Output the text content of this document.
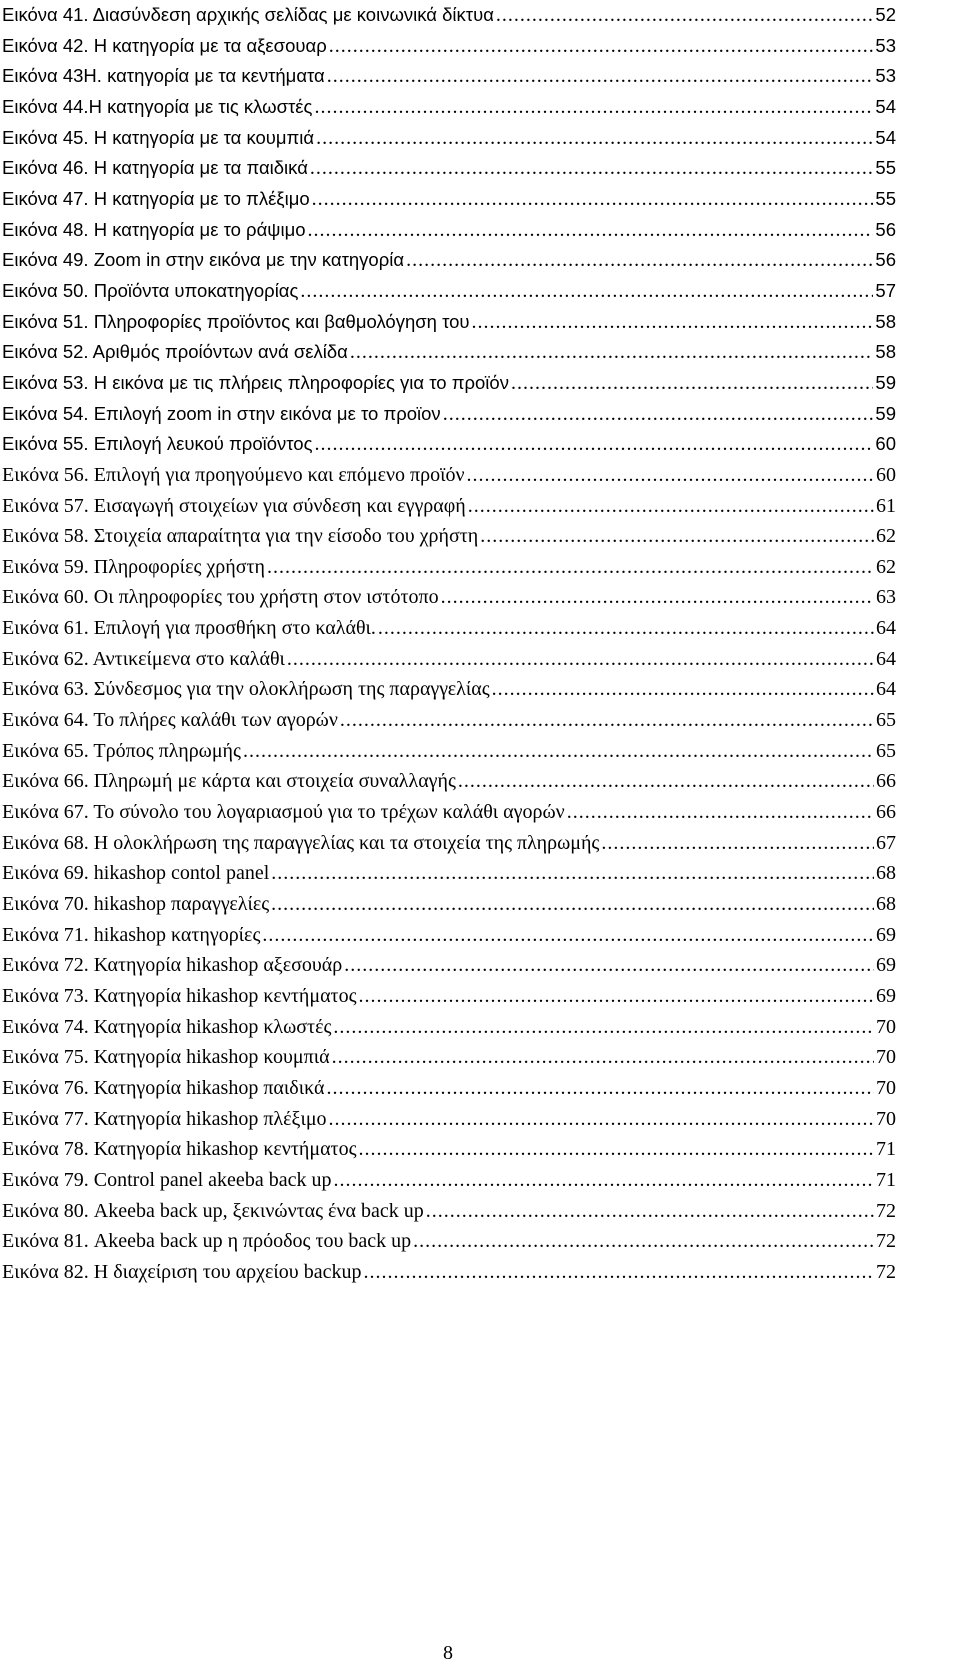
Εικόνα 41. Διασύνδεση αρχικής σελίδας με κοινωνικά δίκτυα .....	52
Εικόνα 42. Η κατηγορία με τα αξεσουαρ .....	53
Εικόνα 43Η. κατηγορία με τα κεντήματα .....	53
Εικόνα 44.Η κατηγορία με τις κλωστές .....	54
Εικόνα 45. Η κατηγορία με τα κουμπιά .....	54
Εικόνα 46. Η κατηγορία με τα παιδικά .....	55
Εικόνα 47. Η κατηγορία με το πλέξιμο .....	55
Εικόνα 48. Η κατηγορία με το ράψιμο .....	56
Εικόνα 49. Zoom in στην εικόνα με την κατηγορία .....	56
Εικόνα 50. Προϊόντα υποκατηγορίας .....	57
Εικόνα 51. Πληροφορίες προϊόντος και βαθμολόγηση του .....	58
Εικόνα 52. Αριθμός προίόντων ανά σελίδα .....	58
Εικόνα 53. Η εικόνα με τις πλήρεις πληροφορίες για το προϊόν .....	59
Εικόνα 54. Επιλογή zoom in στην εικόνα με το προϊον .....	59
Εικόνα 55. Επιλογή λευκού προϊόντος .....	60
Εικόνα 56. Επιλογή για προηγούμενο και επόμενο προϊόν .....	60
Εικόνα 57. Εισαγωγή στοιχείων για σύνδεση και εγγραφή .....	61
Εικόνα 58. Στοιχεία απαραίτητα για την είσοδο του χρήστη .....	62
Εικόνα 59. Πληροφορίες χρήστη .....	62
Εικόνα 60. Οι πληροφορίες του χρήστη στον ιστότοπο .....	63
Εικόνα 61. Επιλογή για προσθήκη στο καλάθι. .....	64
Εικόνα 62. Αντικείμενα στο καλάθι .....	64
Εικόνα 63. Σύνδεσμος για την ολοκλήρωση της παραγγελίας .....	64
Εικόνα 64. Το πλήρες καλάθι των αγορών .....	65
Εικόνα 65. Τρόπος πληρωμής .....	65
Εικόνα 66. Πληρωμή με κάρτα και στοιχεία συναλλαγής .....	66
Εικόνα 67. Το σύνολο του λογαριασμού για το τρέχων καλάθι αγορών .....	66
Εικόνα 68. Η ολοκλήρωση της παραγγελίας και τα στοιχεία της πληρωμής .....	67
Εικόνα 69. hikashop contol panel .....	68
Εικόνα 70. hikashop παραγγελίες .....	68
Εικόνα 71. hikashop κατηγορίες .....	69
Εικόνα 72. Κατηγορία hikashop αξεσουάρ .....	69
Εικόνα 73. Κατηγορία hikashop κεντήματος .....	69
Εικόνα 74. Κατηγορία hikashop κλωστές .....	70
Εικόνα 75. Κατηγορία hikashop κουμπιά .....	70
Εικόνα 76. Κατηγορία hikashop παιδικά .....	70
Εικόνα 77. Κατηγορία hikashop πλέξιμο .....	70
Εικόνα 78. Κατηγορία hikashop κεντήματος .....	71
Εικόνα 79. Control panel akeeba back up .....	71
Εικόνα 80. Akeeba back up, ξεκινώντας ένα back up .....	72
Εικόνα 81. Akeeba back up η πρόοδος του back up .....	72
Εικόνα 82. Η διαχείριση του αρχείου backup .....	72
8
